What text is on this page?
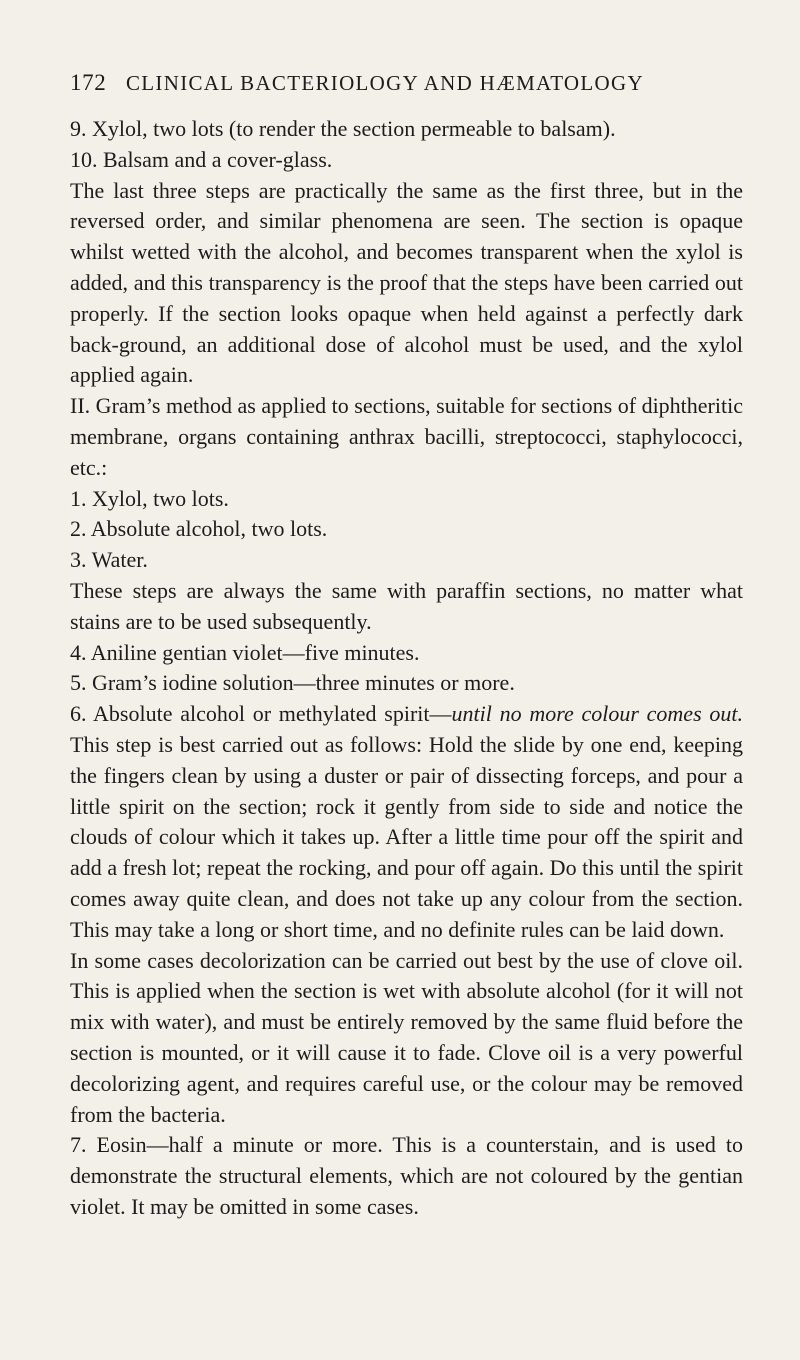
172 CLINICAL BACTERIOLOGY AND HÆMATOLOGY

9. Xylol, two lots (to render the section permeable to balsam).

10. Balsam and a cover-glass.

The last three steps are practically the same as the first three, but in the reversed order, and similar phenomena are seen. The section is opaque whilst wetted with the alcohol, and becomes transparent when the xylol is added, and this transparency is the proof that the steps have been carried out properly. If the section looks opaque when held against a perfectly dark back-ground, an additional dose of alcohol must be used, and the xylol applied again.

II. Gram’s method as applied to sections, suitable for sections of diphtheritic membrane, organs containing anthrax bacilli, streptococci, staphylococci, etc.:

1. Xylol, two lots.

2. Absolute alcohol, two lots.

3. Water.

These steps are always the same with paraffin sections, no matter what stains are to be used subsequently.

4. Aniline gentian violet—five minutes.

5. Gram’s iodine solution—three minutes or more.

6. Absolute alcohol or methylated spirit—until no more colour comes out. This step is best carried out as follows: Hold the slide by one end, keeping the fingers clean by using a duster or pair of dissecting forceps, and pour a little spirit on the section; rock it gently from side to side and notice the clouds of colour which it takes up. After a little time pour off the spirit and add a fresh lot; repeat the rocking, and pour off again. Do this until the spirit comes away quite clean, and does not take up any colour from the section. This may take a long or short time, and no definite rules can be laid down.

In some cases decolorization can be carried out best by the use of clove oil. This is applied when the section is wet with absolute alcohol (for it will not mix with water), and must be entirely removed by the same fluid before the section is mounted, or it will cause it to fade. Clove oil is a very powerful decolorizing agent, and requires careful use, or the colour may be removed from the bacteria.

7. Eosin—half a minute or more. This is a counterstain, and is used to demonstrate the structural elements, which are not coloured by the gentian violet. It may be omitted in some cases.
